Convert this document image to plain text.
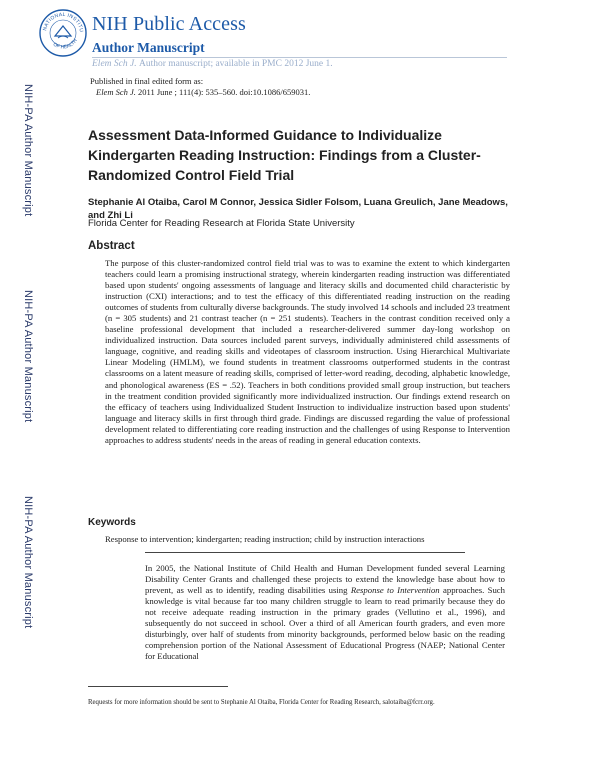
NATIONAL INSTITU
OF HEALTH
NIH Public Access
Author Manuscript
Elem Sch J. Author manuscript; available in PMC 2012 June 1.
Published in final edited form as:
Elem Sch J. 2011 June ; 111(4): 535–560. doi:10.1086/659031.
NIH-PA Author Manuscript
NIH-PA Author Manuscript
NIH-PA Author Manuscript
Assessment Data-Informed Guidance to Individualize Kindergarten Reading Instruction: Findings from a Cluster-Randomized Control Field Trial
Stephanie Al Otaiba, Carol M Connor, Jessica Sidler Folsom, Luana Greulich, Jane Meadows, and Zhi Li
Florida Center for Reading Research at Florida State University
Abstract
The purpose of this cluster-randomized control field trial was to was to examine the extent to which kindergarten teachers could learn a promising instructional strategy, wherein kindergarten reading instruction was differentiated based upon students' ongoing assessments of language and literacy skills and documented child characteristic by instruction (CXI) interactions; and to test the efficacy of this differentiated reading instruction on the reading outcomes of students from culturally diverse backgrounds. The study involved 14 schools and included 23 treatment (n = 305 students) and 21 contrast teacher (n = 251 students). Teachers in the contrast condition received only a baseline professional development that included a researcher-delivered summer day-long workshop on individualized instruction. Data sources included parent surveys, individually administered child assessments of language, cognitive, and reading skills and videotapes of classroom instruction. Using Hierarchical Multivariate Linear Modeling (HMLM), we found students in treatment classrooms outperformed students in the contrast classrooms on a latent measure of reading skills, comprised of letter-word reading, decoding, alphabetic knowledge, and phonological awareness (ES = .52). Teachers in both conditions provided small group instruction, but teachers in the treatment condition provided significantly more individualized instruction. Our findings extend research on the efficacy of teachers using Individualized Student Instruction to individualize instruction based upon students' language and literacy skills in first through third grade. Findings are discussed regarding the value of professional development related to differentiating core reading instruction and the challenges of using Response to Intervention approaches to address students' needs in the areas of reading in general education contexts.
Keywords
Response to intervention; kindergarten; reading instruction; child by instruction interactions
In 2005, the National Institute of Child Health and Human Development funded several Learning Disability Center Grants and challenged these projects to extend the knowledge base about how to prevent, as well as to identify, reading disabilities using Response to Intervention approaches. Such knowledge is vital because far too many children struggle to learn to read primarily because they do not receive adequate reading instruction in the primary grades (Vellutino et al., 1996), and subsequently do not succeed in school. Over a third of all American fourth graders, and even more disturbingly, over half of students from minority backgrounds, performed below basic on the reading comprehension portion of the National Assessment of Educational Progress (NAEP; National Center for Educational
Requests for more information should be sent to Stephanie Al Otaiba, Florida Center for Reading Research, salotaiba@fcrr.org.
